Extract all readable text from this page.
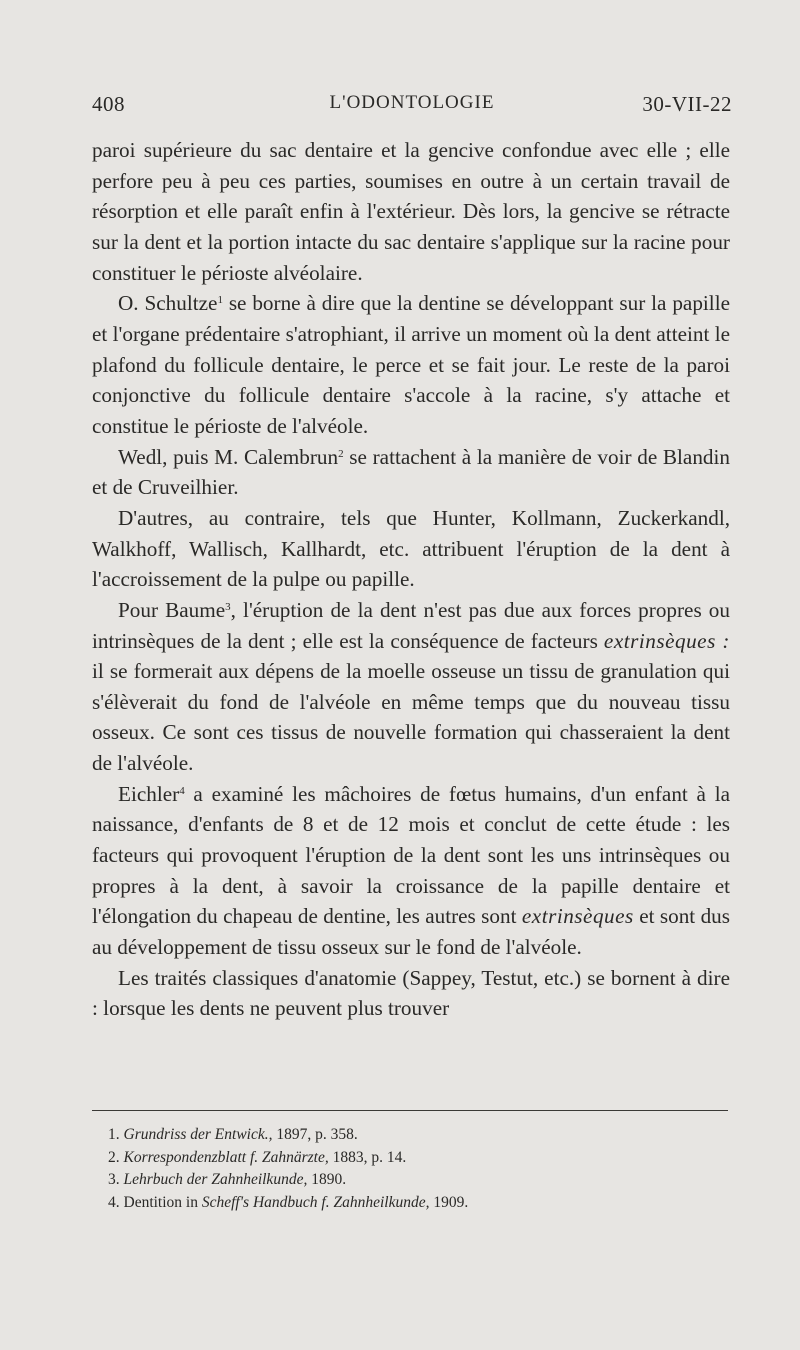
408	L'ODONTOLOGIE	30-VII-22

paroi supérieure du sac dentaire et la gencive confondue avec elle ; elle perfore peu à peu ces parties, soumises en outre à un certain travail de résorption et elle paraît enfin à l'extérieur. Dès lors, la gencive se rétracte sur la dent et la portion intacte du sac dentaire s'applique sur la racine pour constituer le périoste alvéolaire.

O. Schultze$^1$ se borne à dire que la dentine se développant sur la papille et l'organe prédentaire s'atrophiant, il arrive un moment où la dent atteint le plafond du follicule dentaire, le perce et se fait jour. Le reste de la paroi conjonctive du follicule dentaire s'accole à la racine, s'y attache et constitue le périoste de l'alvéole.

Wedl, puis M. Calembrun$^2$ se rattachent à la manière de voir de Blandin et de Cruveilhier.

D'autres, au contraire, tels que Hunter, Kollmann, Zuckerkandl, Walkhoff, Wallisch, Kallhardt, etc. attribuent l'éruption de la dent à l'accroissement de la pulpe ou papille.

Pour Baume$^3$, l'éruption de la dent n'est pas due aux forces propres ou intrinsèques de la dent ; elle est la conséquence de facteurs extrinsèques : il se formerait aux dépens de la moelle osseuse un tissu de granulation qui s'élèverait du fond de l'alvéole en même temps que du nouveau tissu osseux. Ce sont ces tissus de nouvelle formation qui chasseraient la dent de l'alvéole.

Eichler$^4$ a examiné les mâchoires de fœtus humains, d'un enfant à la naissance, d'enfants de 8 et de 12 mois et conclut de cette étude : les facteurs qui provoquent l'éruption de la dent sont les uns intrinsèques ou propres à la dent, à savoir la croissance de la papille dentaire et l'élongation du chapeau de dentine, les autres sont extrinsèques et sont dus au développement de tissu osseux sur le fond de l'alvéole.

Les traités classiques d'anatomie (Sappey, Testut, etc.) se bornent à dire : lorsque les dents ne peuvent plus trouver

1. Grundriss der Entwick., 1897, p. 358.
2. Korrespondenzblatt f. Zahnärzte, 1883, p. 14.
3. Lehrbuch der Zahnheilkunde, 1890.
4. Dentition in Scheff's Handbuch f. Zahnheilkunde, 1909.
